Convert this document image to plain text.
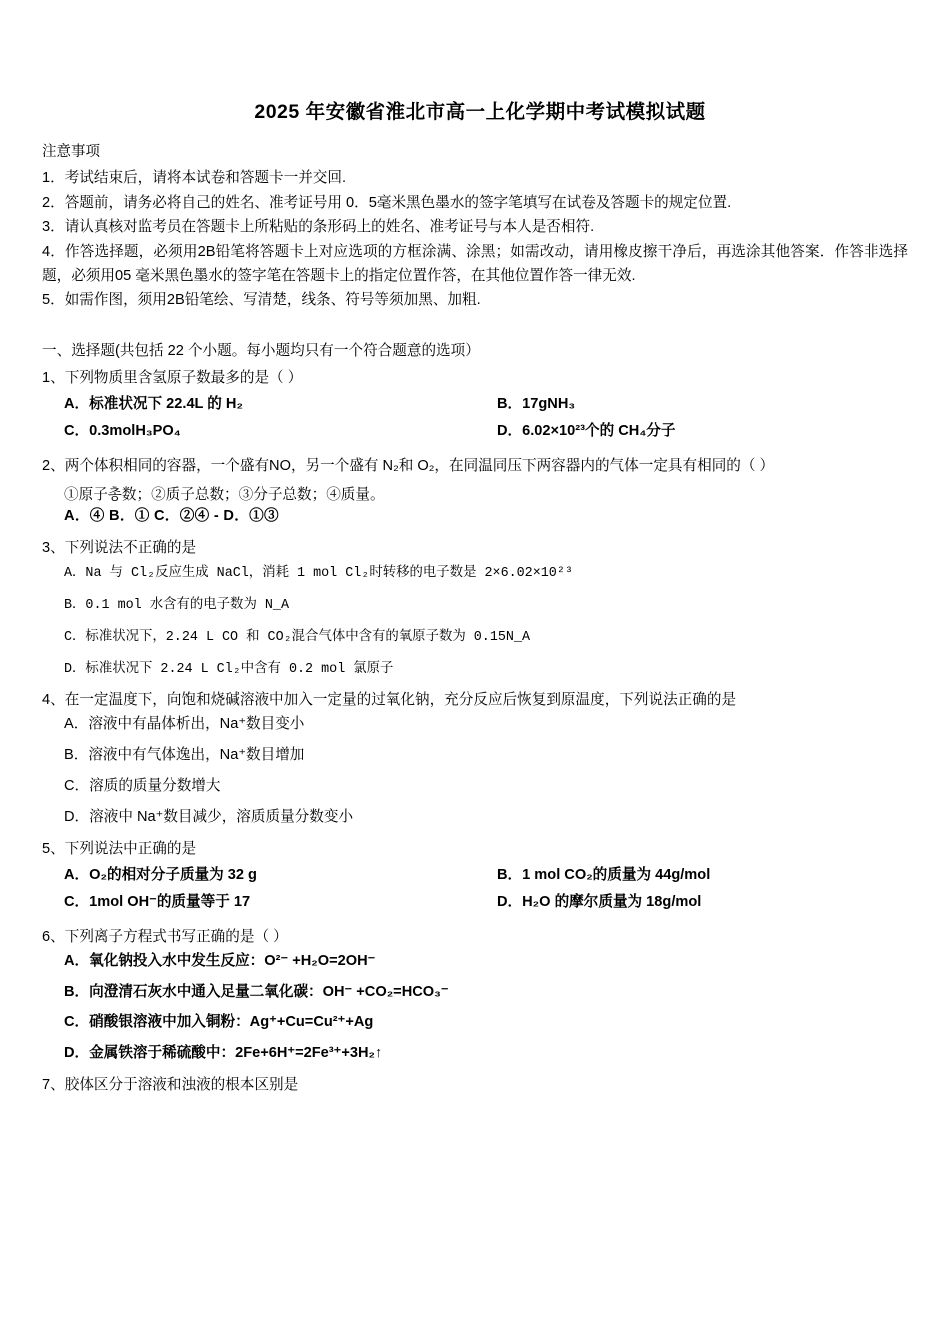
2025 年安徽省淮北市高一上化学期中考试模拟试题
注意事项

1．考试结束后，请将本试卷和答题卡一并交回.

2．答题前，请务必将自己的姓名、准考证号用 0．5毫米黑色墨水的签字笔填写在试卷及答题卡的规定位置.

3．请认真核对监考员在答题卡上所粘贴的条形码上的姓名、准考证号与本人是否相符.

4．作答选择题，必须用2B铅笔将答题卡上对应选项的方框涂满、涂黑；如需改动，请用橡皮擦干净后，再选涂其他答案．作答非选择题，必须用05 毫米黑色墨水的签字笔在答题卡上的指定位置作答，在其他位置作答一律无效.

5．如需作图，须用2B铅笔绘、写清楚，线条、符号等须加黑、加粗.

一、选择题(共包括 22 个小题。每小题均只有一个符合题意的选项）
1、下列物质里含氢原子数最多的是（ ）
A．标准状况下 22.4L 的 H₂	B．17gNH₃
C．0.3molH₃PO₄	D．6.02×10²³个的 CH₄分子
2、两个体积相同的容器，一个盛有NO，另一个盛有 N₂和 O₂，在同温同压下两容器内的气体一定具有相同的（ ）
①原子총数；②质子总数；③分子总数；④质量。
A．④ B．① C．②④ - D．①③
3、下列说法不正确的是
A．Na 与 Cl₂反应生成 NaCl，消耗 1 mol Cl₂时转移的电子数是 2×6.02×10²³
B．0.1 mol 水含有的电子数为 N_A
C．标准状况下，2.24 L CO 和 CO₂混合气体中含有的氧原子数为 0.15N_A
D．标准状况下 2.24 L Cl₂中含有 0.2 mol 氯原子
4、在一定温度下，向饱和烧碱溶液中加入一定量的过氧化钠，充分反应后恢复到原温度，下列说法正确的是
A．溶液中有晶体析出，Na⁺数目变小
B．溶液中有气体逸出，Na⁺数目增加
C．溶质的质量分数增大
D．溶液中 Na⁺数目减少，溶质质量分数变小
5、下列说法中正确的是
A．O₂的相对分子质量为 32 g	B．1 mol CO₂的质量为 44g/mol
C．1mol OH⁻的质量等于 17	D．H₂O 的摩尔质量为 18g/mol
6、下列离子方程式书写正确的是（ ）
A．氧化钠投入水中发生反应：O²⁻ +H₂O=2OH⁻
B．向澄清石灰水中通入足量二氧化碳：OH⁻ +CO₂=HCO₃⁻
C．硝酸银溶液中加入铜粉：Ag⁺+Cu=Cu²⁺+Ag
D．金属铁溶于稀硫酸中：2Fe+6H⁺=2Fe³⁺+3H₂↑
7、胶体区分于溶液和浊液的根本区别是
